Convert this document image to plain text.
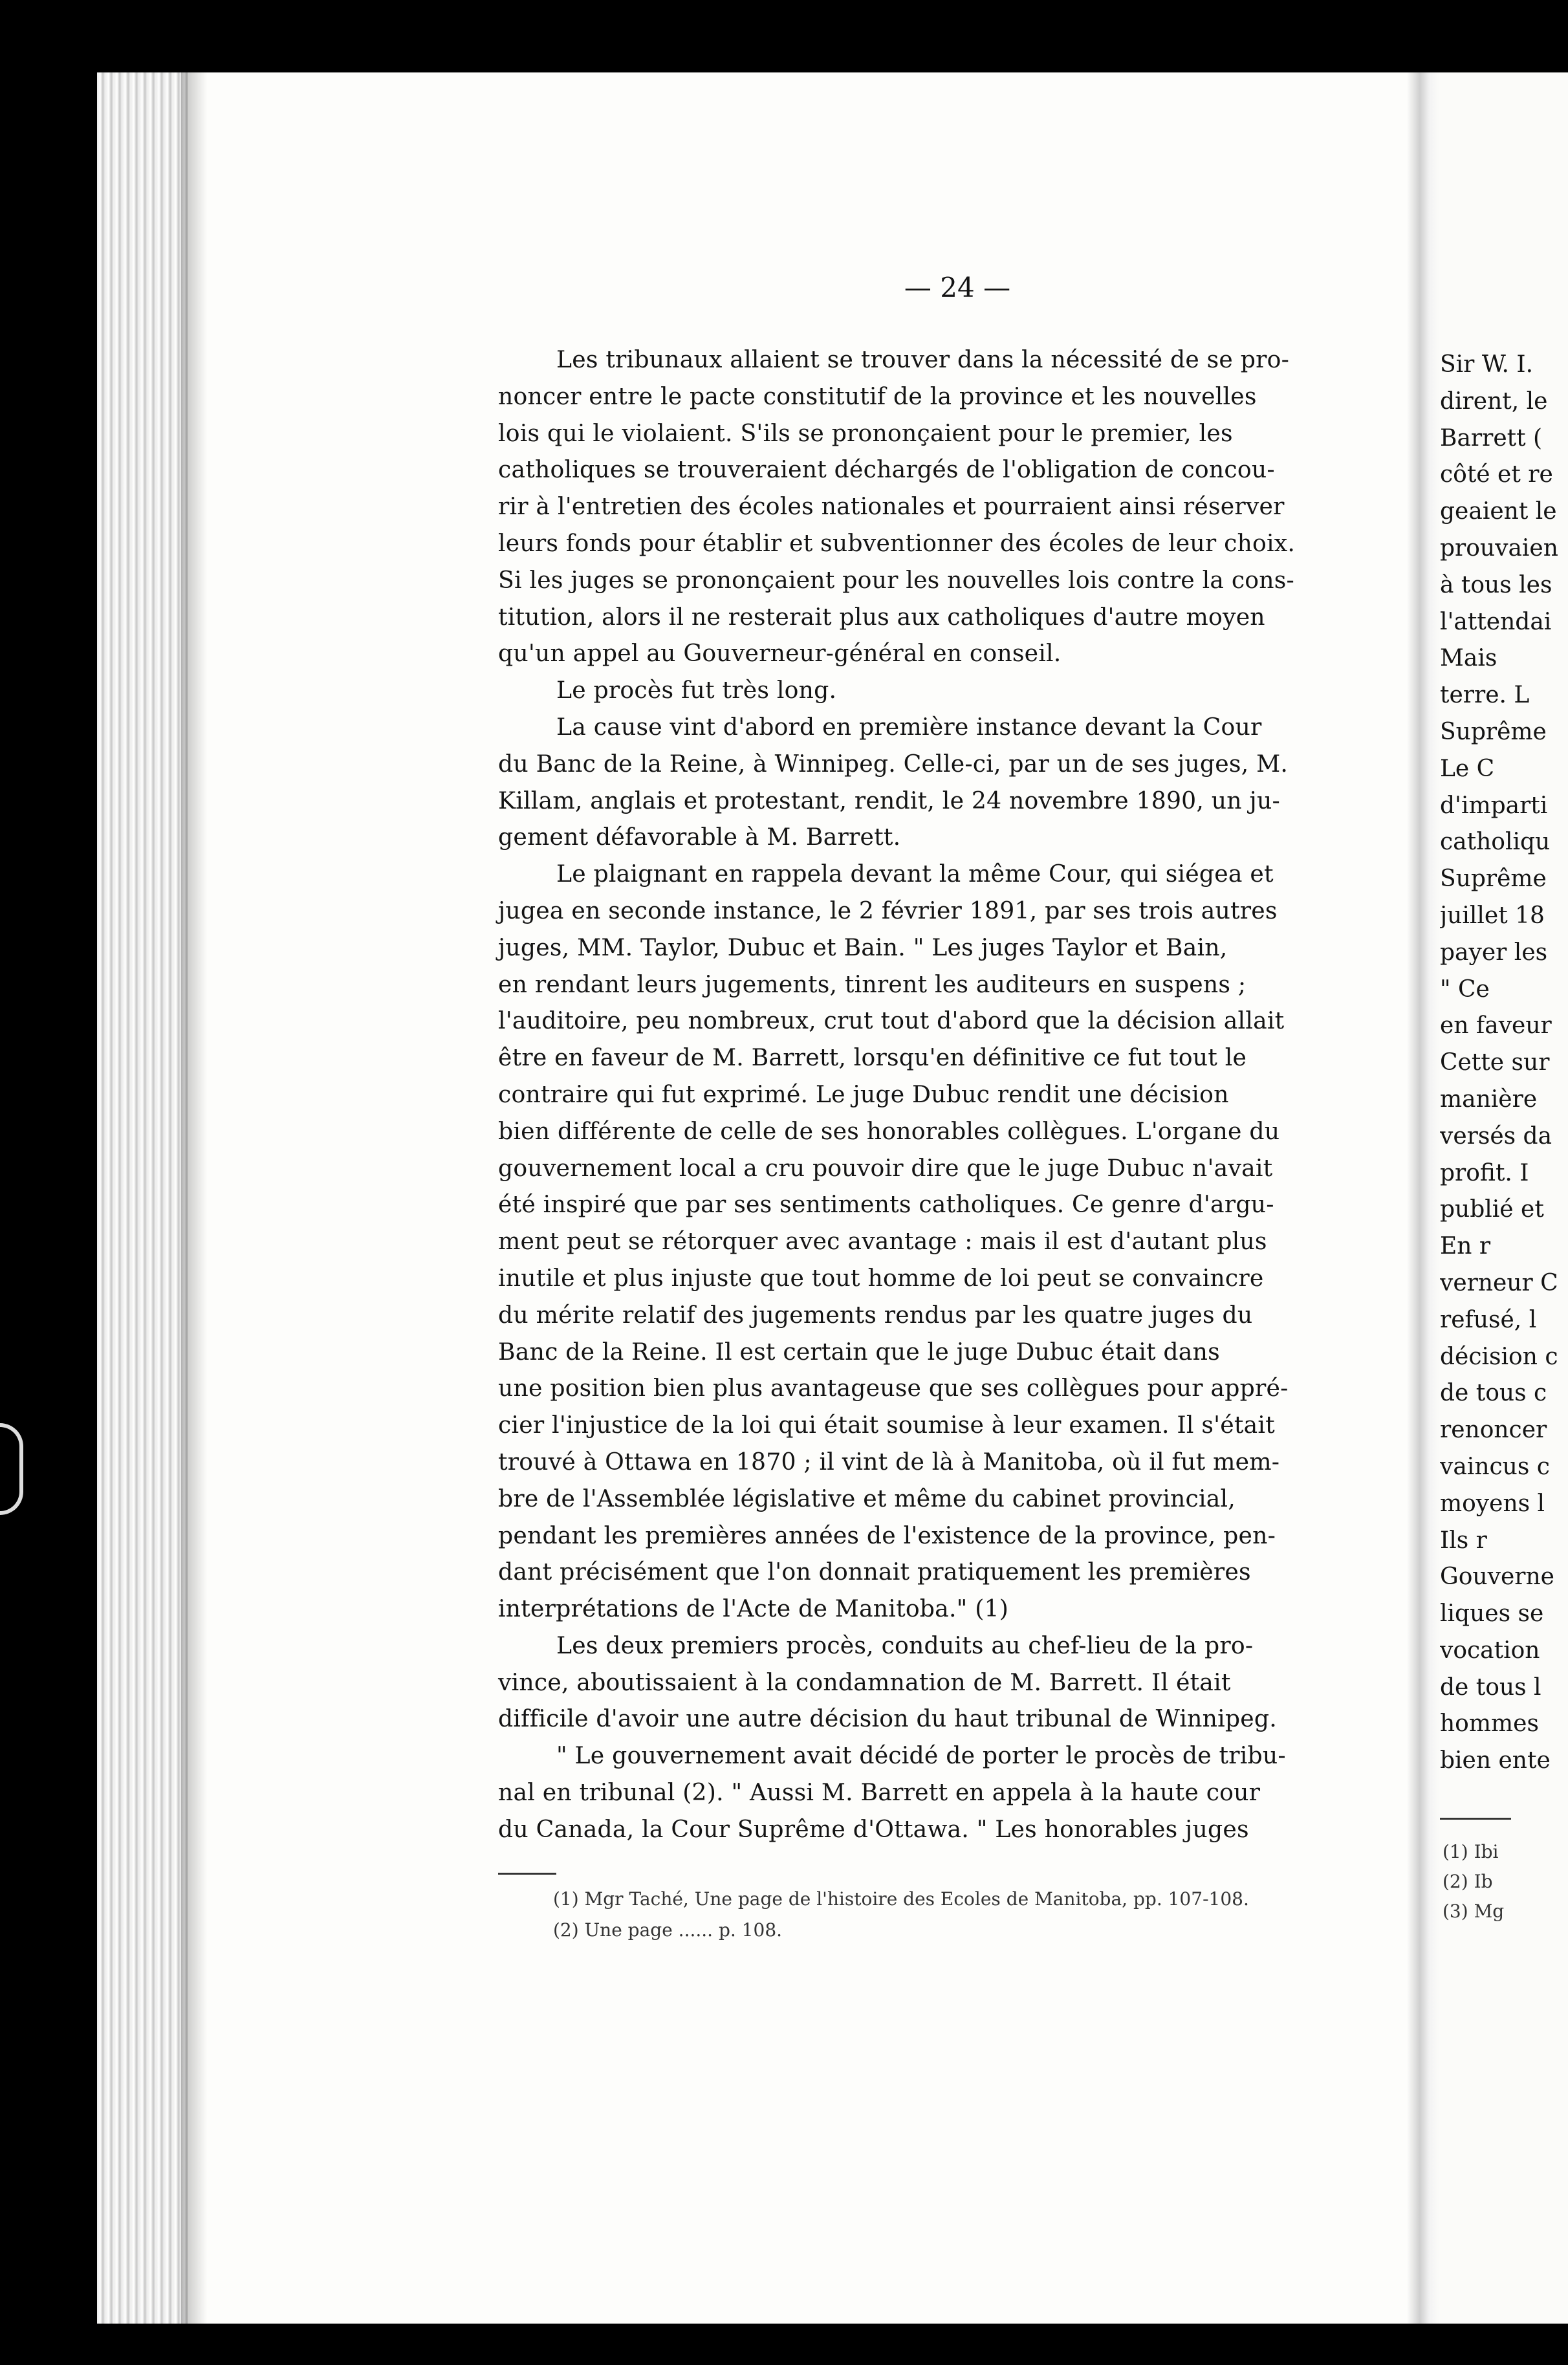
— 24 —

Les tribunaux allaient se trouver dans la nécessité de se pro-
noncer entre le pacte constitutif de la province et les nouvelles
lois qui le violaient. S'ils se prononçaient pour le premier, les
catholiques se trouveraient déchargés de l'obligation de concou-
rir à l'entretien des écoles nationales et pourraient ainsi réserver
leurs fonds pour établir et subventionner des écoles de leur choix.
Si les juges se prononçaient pour les nouvelles lois contre la cons-
titution, alors il ne resterait plus aux catholiques d'autre moyen
qu'un appel au Gouverneur-général en conseil.

Le procès fut très long.

La cause vint d'abord en première instance devant la Cour
du Banc de la Reine, à Winnipeg. Celle-ci, par un de ses juges, M.
Killam, anglais et protestant, rendit, le 24 novembre 1890, un ju-
gement défavorable à M. Barrett.

Le plaignant en rappela devant la même Cour, qui siégea et
jugea en seconde instance, le 2 février 1891, par ses trois autres
juges, MM. Taylor, Dubuc et Bain. " Les juges Taylor et Bain,
en rendant leurs jugements, tinrent les auditeurs en suspens ;
l'auditoire, peu nombreux, crut tout d'abord que la décision allait
être en faveur de M. Barrett, lorsqu'en définitive ce fut tout le
contraire qui fut exprimé. Le juge Dubuc rendit une décision
bien différente de celle de ses honorables collègues. L'organe du
gouvernement local a cru pouvoir dire que le juge Dubuc n'avait
été inspiré que par ses sentiments catholiques. Ce genre d'argu-
ment peut se rétorquer avec avantage : mais il est d'autant plus
inutile et plus injuste que tout homme de loi peut se convaincre
du mérite relatif des jugements rendus par les quatre juges du
Banc de la Reine. Il est certain que le juge Dubuc était dans
une position bien plus avantageuse que ses collègues pour appré-
cier l'injustice de la loi qui était soumise à leur examen. Il s'était
trouvé à Ottawa en 1870 ; il vint de là à Manitoba, où il fut mem-
bre de l'Assemblée législative et même du cabinet provincial,
pendant les premières années de l'existence de la province, pen-
dant précisément que l'on donnait pratiquement les premières
interprétations de l'Acte de Manitoba." (1)

Les deux premiers procès, conduits au chef-lieu de la pro-
vince, aboutissaient à la condamnation de M. Barrett. Il était
difficile d'avoir une autre décision du haut tribunal de Winnipeg.

" Le gouvernement avait décidé de porter le procès de tribu-
nal en tribunal (2). " Aussi M. Barrett en appela à la haute cour
du Canada, la Cour Suprême d'Ottawa. " Les honorables juges

(1) Mgr Taché, Une page de l'histoire des Ecoles de Manitoba, pp. 107-108.
(2) Une page ...... p. 108.
Sir W. I.
dirent, le
Barrett (
côté et re
geaient le
prouvaien
à tous les
l'attendai
Mais
terre. L
Suprême
Le C
d'imparti
catholiqu
Suprême
juillet 18
payer les
" Ce
en faveur
Cette sur
manière
versés da
profit. I
publié et
En r
verneur C
refusé, l
décision c
de tous c
renoncer
vaincus c
moyens l
Ils r
Gouverne
liques se
vocation
de tous l
hommes
bien ente
(1) Ibi
(2) Ib
(3) Mg
